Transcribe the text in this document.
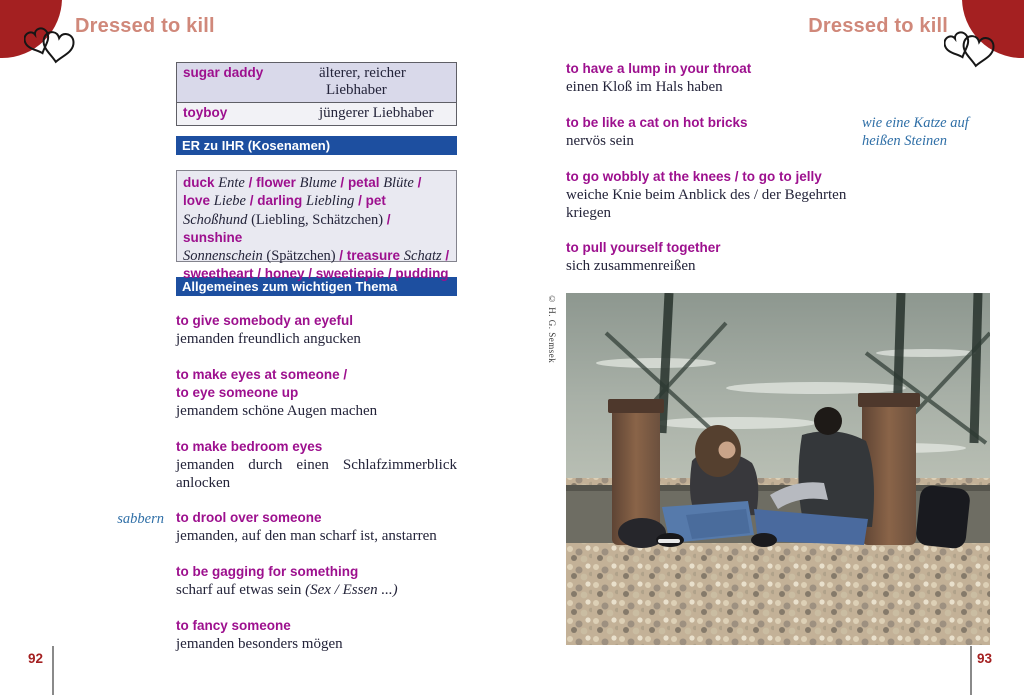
Dressed to kill	Dressed to kill
sugar daddy	älterer, reicher
Liebhaber
toyboy	jüngerer Liebhaber
ER zu IHR (Kosenamen)
Allgemeines zum wichtigen Thema
duck Ente / flower Blume / petal Blüte /
love Liebe / darling Liebling / pet
Schoßhund (Liebling, Schätzchen) / sunshine
Sonnenschein (Spätzchen) / treasure Schatz /
sweetheart / honey / sweetiepie / pudding
to give somebody an eyeful
jemanden freundlich angucken
to make eyes at someone /
to eye someone up
jemandem schöne Augen machen
to make bedroom eyes
jemanden durch einen Schlafzimmerblick anlocken
sabbern to drool over someone
jemanden, auf den man scharf ist, anstarren
to be gagging for something
scharf auf etwas sein (Sex / Essen ...)
to fancy someone
jemanden besonders mögen
to have a lump in your throat
einen Kloß im Hals haben
to be like a cat on hot bricks
nervös sein
wie eine Katze auf
heißen Steinen
to go wobbly at the knees / to go to jelly
weiche Knie beim Anblick des / der Begehrten kriegen
to pull yourself together
sich zusammenreißen
© H. G. Semsek
92	93
